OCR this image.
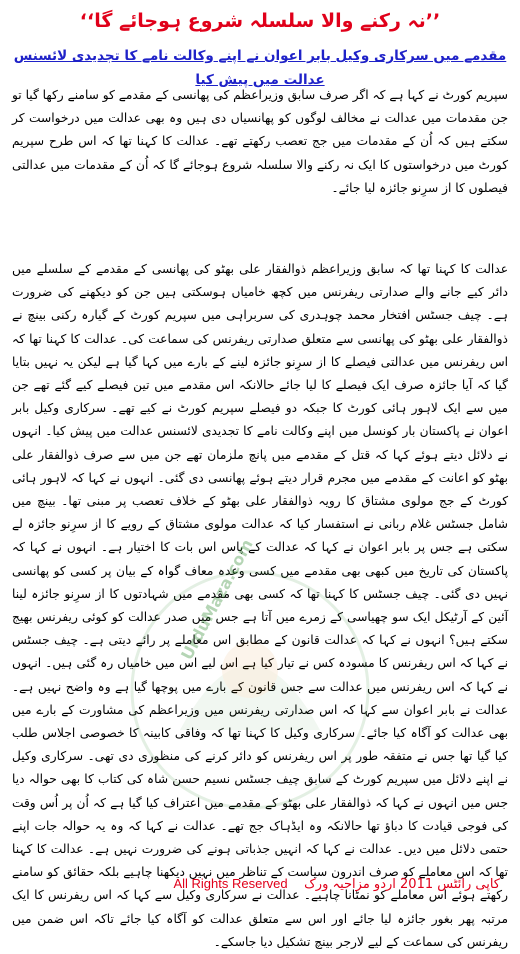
’’نہ رکنے والا سلسلہ شروع ہوجائے گا‘‘
مقدمے میں سرکاری وکیل بابر اعوان نے اپنے وکالت نامے کا تجدیدی لائسنس عدالت میں پیش کیا

سپریم کورٹ نے کہا ہے کہ اگر صرف سابق وزیراعظم کی پھانسی کے مقدمے کو سامنے رکھا گیا تو جن مقدمات میں عدالت نے مخالف لوگوں کو پھانسیاں دی ہیں وہ بھی عدالت میں درخواست کر سکتے ہیں کہ اُن کے مقدمات میں جج تعصب رکھتے تھے۔ عدالت کا کہنا تھا کہ اس طرح سپریم کورٹ میں درخواستوں کا ایک نہ رکنے والا سلسلہ شروع ہوجائے گا کہ اُن کے مقدمات میں عدالتی فیصلوں کا از سرِنو جائزہ لیا جائے۔

عدالت کا کہنا تھا کہ سابق وزیراعظم ذوالفقار علی بھٹو کی پھانسی کے مقدمے کے سلسلے میں دائر کیے جانے والے صدارتی ریفرنس میں کچھ خامیاں ہوسکتی ہیں جن کو دیکھنے کی ضرورت ہے۔ چیف جسٹس افتخار محمد چوہدری کی سربراہی میں سپریم کورٹ کے گیارہ رکنی بینچ نے ذوالفقار علی بھٹو کی پھانسی سے متعلق صدارتی ریفرنس کی سماعت کی۔ عدالت کا کہنا تھا کہ اس ریفرنس میں عدالتی فیصلے کا از سرِنو جائزہ لینے کے بارے میں کہا گیا ہے لیکن یہ نہیں بتایا گیا کہ آیا جائزہ صرف ایک فیصلے کا لیا جائے حالانکہ اس مقدمے میں تین فیصلے کیے گئے تھے جن میں سے ایک لاہور ہائی کورٹ کا جبکہ دو فیصلے سپریم کورٹ نے کیے تھے۔ سرکاری وکیل بابر اعوان نے پاکستان بار کونسل میں اپنے وکالت نامے کا تجدیدی لائسنس عدالت میں پیش کیا۔ انہوں نے دلائل دیتے ہوئے کہا کہ قتل کے مقدمے میں پانچ ملزمان تھے جن میں سے صرف ذوالفقار علی بھٹو کو اعانت کے مقدمے میں مجرم قرار دیتے ہوئے پھانسی دی گئی۔ انہوں نے کہا کہ لاہور ہائی کورٹ کے جج مولوی مشتاق کا رویہ ذوالفقار علی بھٹو کے خلاف تعصب پر مبنی تھا۔ بینچ میں شامل جسٹس غلام ربانی نے استفسار کیا کہ عدالت مولوی مشتاق کے رویے کا از سرِنو جائزہ لے سکتی ہے جس پر بابر اعوان نے کہا کہ عدالت کے پاس اس بات کا اختیار ہے۔ انہوں نے کہا کہ پاکستان کی تاریخ میں کبھی بھی مقدمے میں کسی وعدہ معاف گواہ کے بیان پر کسی کو پھانسی نہیں دی گئی۔ چیف جسٹس کا کہنا تھا کہ کسی بھی مقدمے میں شہادتوں کا از سرِنو جائزہ لینا آئین کے آرٹیکل ایک سو چھیاسی کے زمرے میں آتا ہے جس میں صدر عدالت کو کوئی ریفرنس بھیج سکتے ہیں؟ انہوں نے کہا کہ عدالت قانون کے مطابق اس معاملے پر رائے دیتی ہے۔ چیف جسٹس نے کہا کہ اس ریفرنس کا مسودہ کس نے تیار کیا ہے اس لیے اس میں خامیاں رہ گئی ہیں۔ انہوں نے کہا کہ اس ریفرنس میں عدالت سے جس قانون کے بارے میں پوچھا گیا ہے وہ واضح نہیں ہے۔ عدالت نے بابر اعوان سے کہا کہ اس صدارتی ریفرنس میں وزیراعظم کی مشاورت کے بارے میں بھی عدالت کو آگاہ کیا جائے۔ سرکاری وکیل کا کہنا تھا کہ وفاقی کابینہ کا خصوصی اجلاس طلب کیا گیا تھا جس نے متفقہ طور پر اس ریفرنس کو دائر کرنے کی منظوری دی تھی۔ سرکاری وکیل نے اپنے دلائل میں سپریم کورٹ کے سابق چیف جسٹس نسیم حسن شاہ کی کتاب کا بھی حوالہ دیا جس میں انہوں نے کہا کہ ذوالفقار علی بھٹو کے مقدمے میں اعتراف کیا گیا ہے کہ اُن پر اُس وقت کی فوجی قیادت کا دباؤ تھا حالانکہ وہ ایڈہاک جج تھے۔ عدالت نے کہا کہ وہ یہ حوالہ جات اپنے حتمی دلائل میں دیں۔ عدالت نے کہا کہ انہیں جذباتی ہونے کی ضرورت نہیں ہے۔ عدالت کا کہنا تھا کہ اس معاملے کو صرف اندرون سیاست کے تناظر میں نہیں دیکھنا چاہیے بلکہ حقائق کو سامنے رکھتے ہوئے اس معاملے کو نمٹانا چاہیے۔ عدالت نے سرکاری وکیل سے کہا کہ اس ریفرنس کا ایک مرتبہ پھر بغور جائزہ لیا جائے اور اس سے متعلق عدالت کو آگاہ کیا جائے تاکہ اس ضمن میں ریفرنس کی سماعت کے لیے لارجر بینچ تشکیل دیا جاسکے۔

UrduMaza.com
کاپی رائٹس 2011 اردو مزاحیہ ورک    All Rights Reserved
